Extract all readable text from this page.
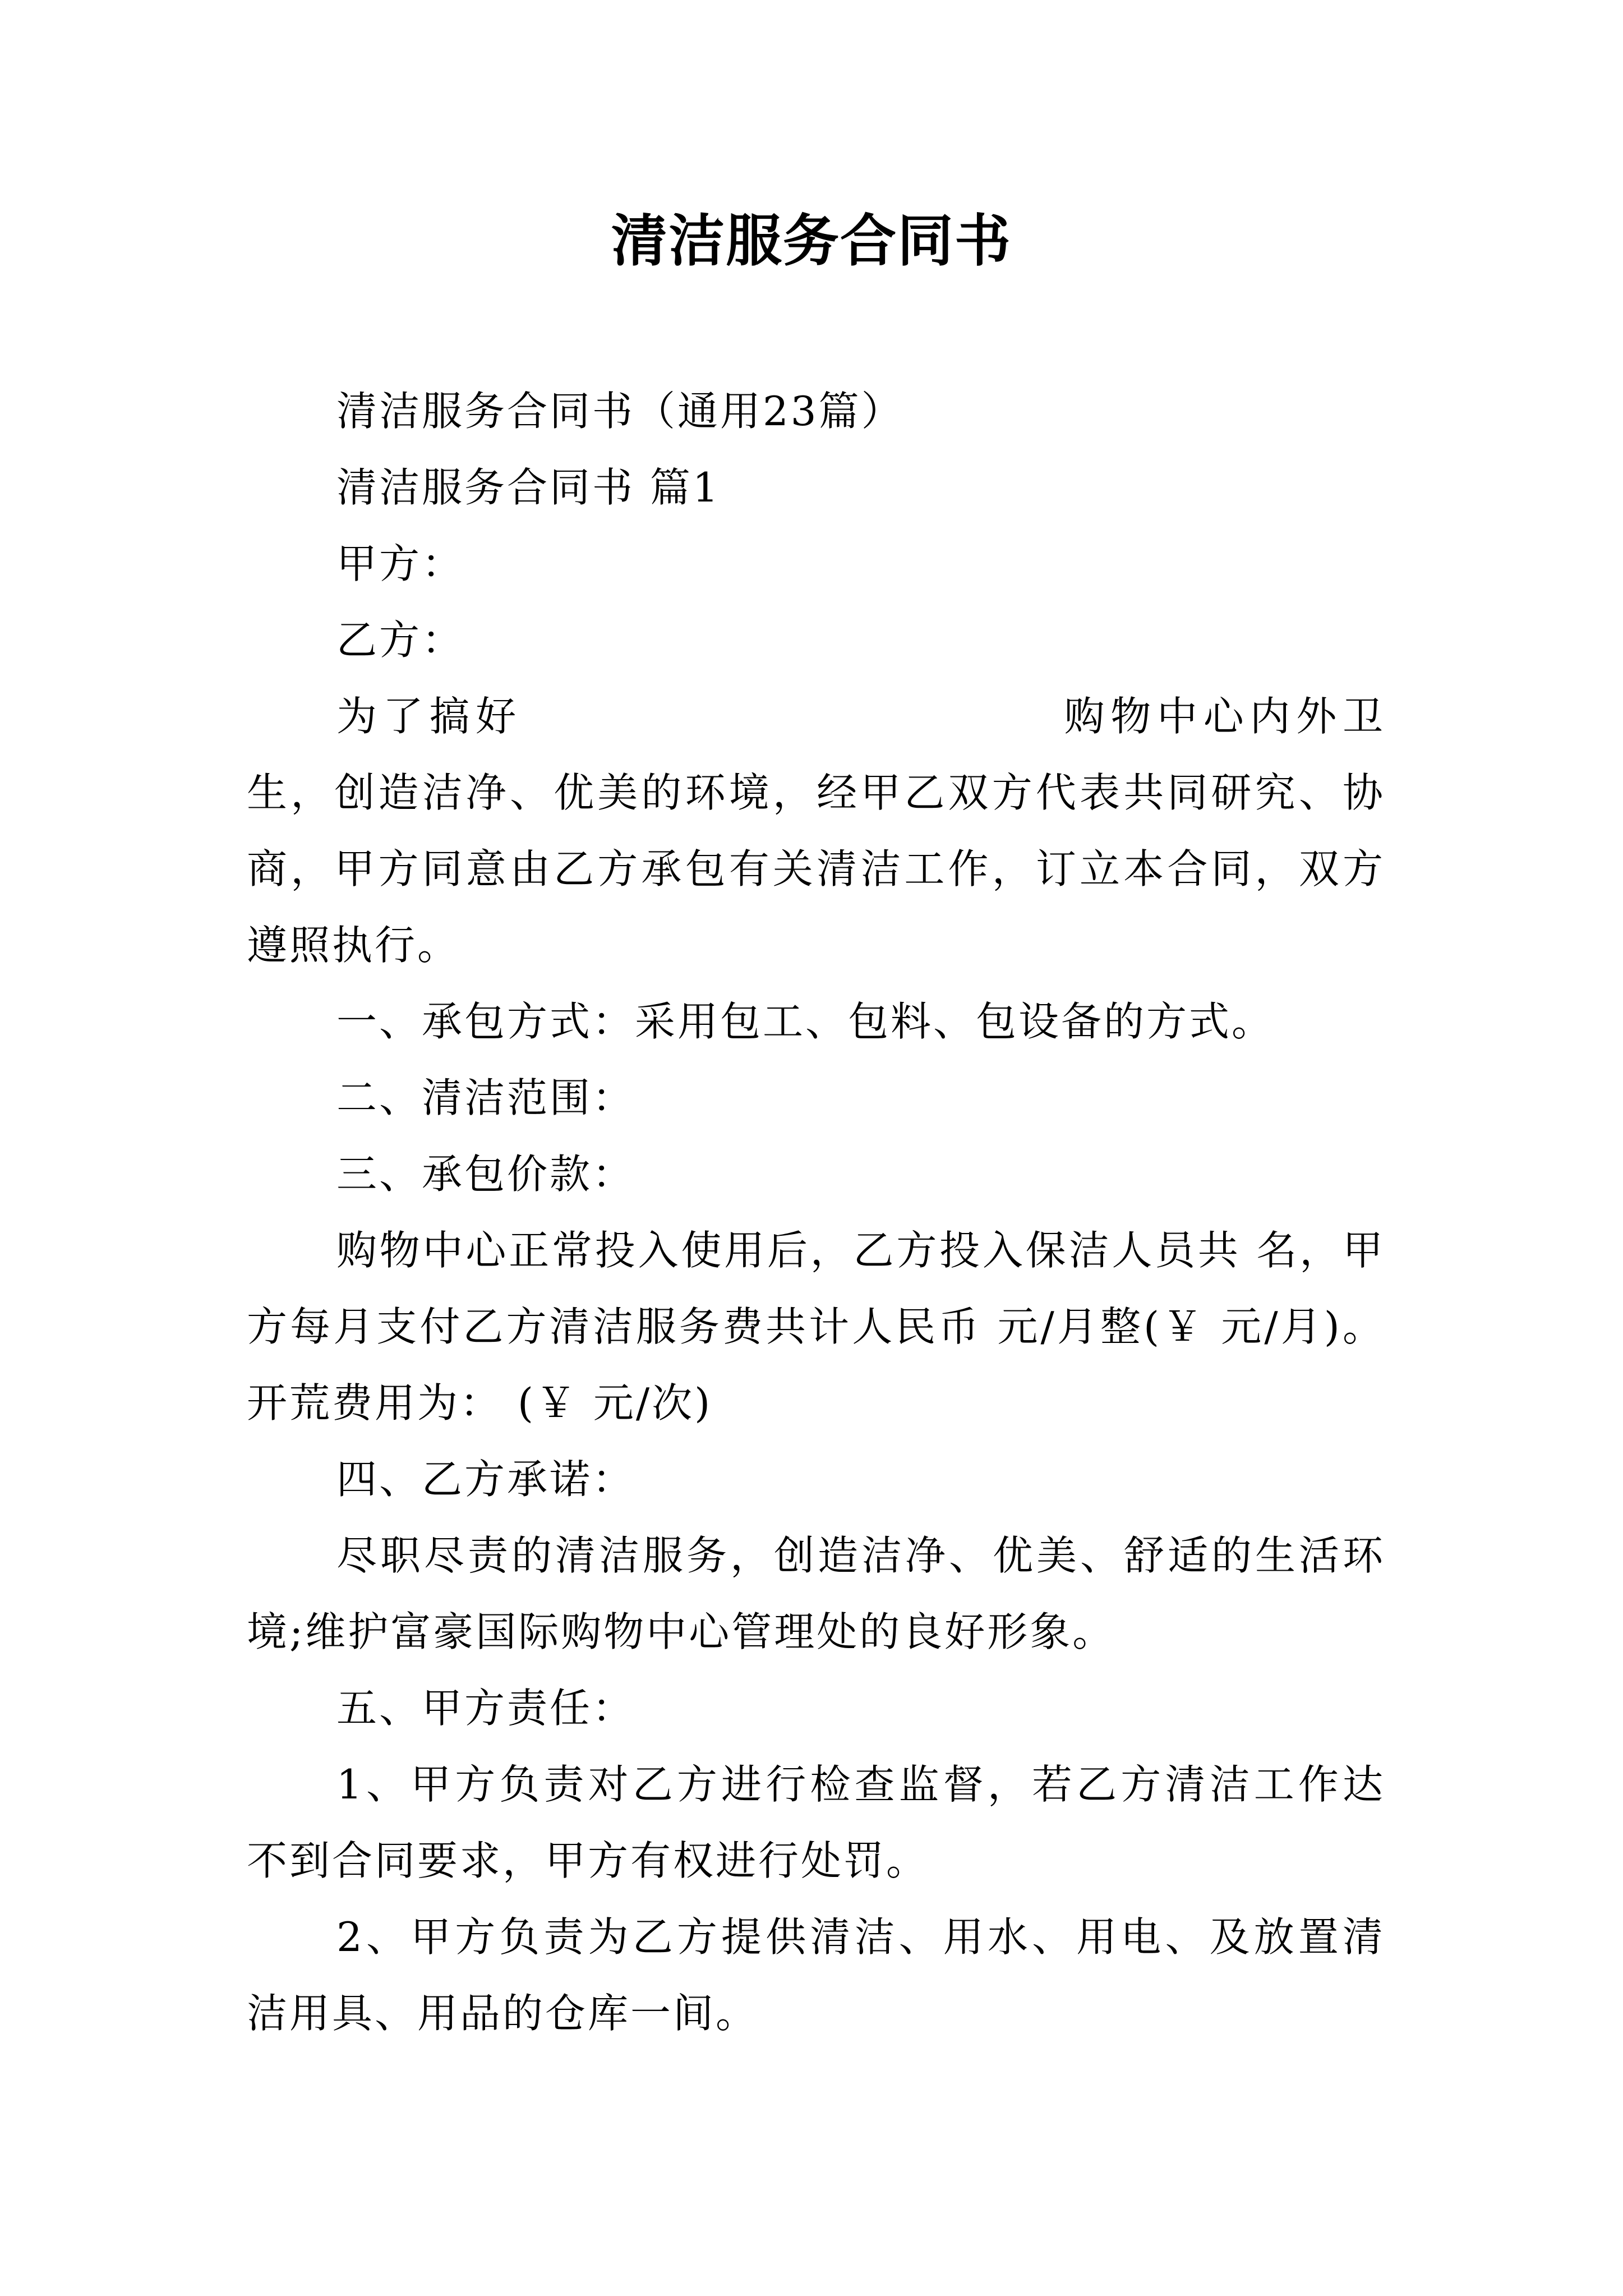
清洁服务合同书

清洁服务合同书（通用23篇）

清洁服务合同书 篇1

甲方：

乙方：

为了搞好	购物中心内外卫生，创造洁净、优美的环境，经甲乙双方代表共同研究、协商，甲方同意由乙方承包有关清洁工作，订立本合同，双方遵照执行。

一、承包方式：采用包工、包料、包设备的方式。

二、清洁范围：

三、承包价款：

购物中心正常投入使用后，乙方投入保洁人员共 名，甲方每月支付乙方清洁服务费共计人民币 元/月整(￥ 元/月)。开荒费用为： (￥ 元/次)

四、乙方承诺：

尽职尽责的清洁服务，创造洁净、优美、舒适的生活环境;维护富豪国际购物中心管理处的良好形象。

五、甲方责任：

1、甲方负责对乙方进行检查监督，若乙方清洁工作达不到合同要求，甲方有权进行处罚。

2、甲方负责为乙方提供清洁、用水、用电、及放置清洁用具、用品的仓库一间。
